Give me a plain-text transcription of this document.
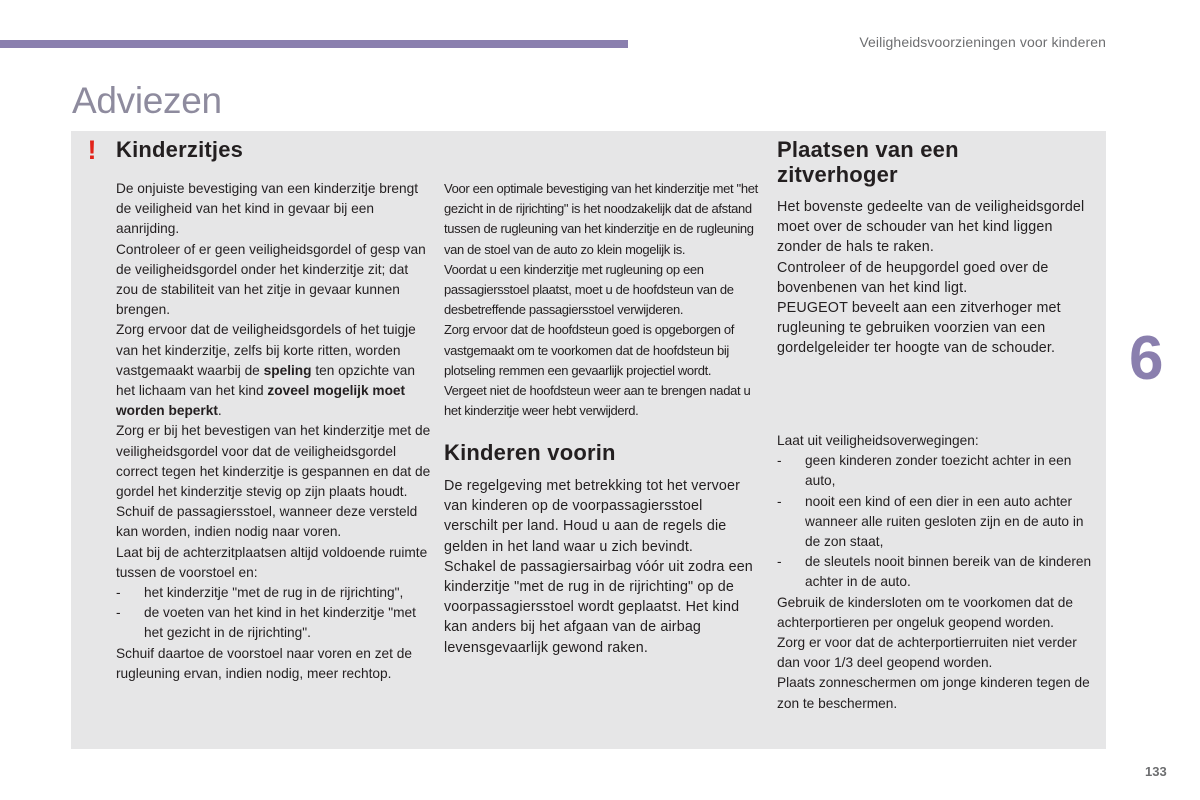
Veiligheidsvoorzieningen voor kinderen
Adviezen
! Kinderzitjes

De onjuiste bevestiging van een kinderzitje brengt de veiligheid van het kind in gevaar bij een aanrijding.

Controleer of er geen veiligheidsgordel of gesp van de veiligheidsgordel onder het kinderzitje zit; dat zou de stabiliteit van het zitje in gevaar kunnen brengen.

Zorg ervoor dat de veiligheidsgordels of het tuigje van het kinderzitje, zelfs bij korte ritten, worden vastgemaakt waarbij de speling ten opzichte van het lichaam van het kind zoveel mogelijk moet worden beperkt.

Zorg er bij het bevestigen van het kinderzitje met de veiligheidsgordel voor dat de veiligheidsgordel correct tegen het kinderzitje is gespannen en dat de gordel het kinderzitje stevig op zijn plaats houdt. Schuif de passagiersstoel, wanneer deze versteld kan worden, indien nodig naar voren.

Laat bij de achterzitplaatsen altijd voldoende ruimte tussen de voorstoel en:

-	het kinderzitje "met de rug in de rijrichting",
-	de voeten van het kind in het kinderzitje "met het gezicht in de rijrichting".

Schuif daartoe de voorstoel naar voren en zet de rugleuning ervan, indien nodig, meer rechtop.

Voor een optimale bevestiging van het kinderzitje met "het gezicht in de rijrichting" is het noodzakelijk dat de afstand tussen de rugleuning van het kinderzitje en de rugleuning van de stoel van de auto zo klein mogelijk is.

Voordat u een kinderzitje met rugleuning op een passagiersstoel plaatst, moet u de hoofdsteun van de desbetreffende passagiersstoel verwijderen.

Zorg ervoor dat de hoofdsteun goed is opgeborgen of vastgemaakt om te voorkomen dat de hoofdsteun bij plotseling remmen een gevaarlijk projectiel wordt.

Vergeet niet de hoofdsteun weer aan te brengen nadat u het kinderzitje weer hebt verwijderd.

Kinderen voorin

De regelgeving met betrekking tot het vervoer van kinderen op de voorpassagiersstoel verschilt per land. Houd u aan de regels die gelden in het land waar u zich bevindt.

Schakel de passagiersairbag vóór uit zodra een kinderzitje "met de rug in de rijrichting" op de voorpassagiersstoel wordt geplaatst. Het kind kan anders bij het afgaan van de airbag levensgevaarlijk gewond raken.

Plaatsen van een
zitverhoger

Het bovenste gedeelte van de veiligheidsgordel moet over de schouder van het kind liggen zonder de hals te raken.

Controleer of de heupgordel goed over de bovenbenen van het kind ligt.

PEUGEOT beveelt aan een zitverhoger met rugleuning te gebruiken voorzien van een gordelgeleider ter hoogte van de schouder.

Laat uit veiligheidsoverwegingen:

-	geen kinderen zonder toezicht achter in een auto,
-	nooit een kind of een dier in een auto achter wanneer alle ruiten gesloten zijn en de auto in de zon staat,
-	de sleutels nooit binnen bereik van de kinderen achter in de auto.

Gebruik de kindersloten om te voorkomen dat de achterportieren per ongeluk geopend worden.

Zorg er voor dat de achterportierruiten niet verder dan voor 1/3 deel geopend worden.

Plaats zonneschermen om jonge kinderen tegen de zon te beschermen.

6
133
